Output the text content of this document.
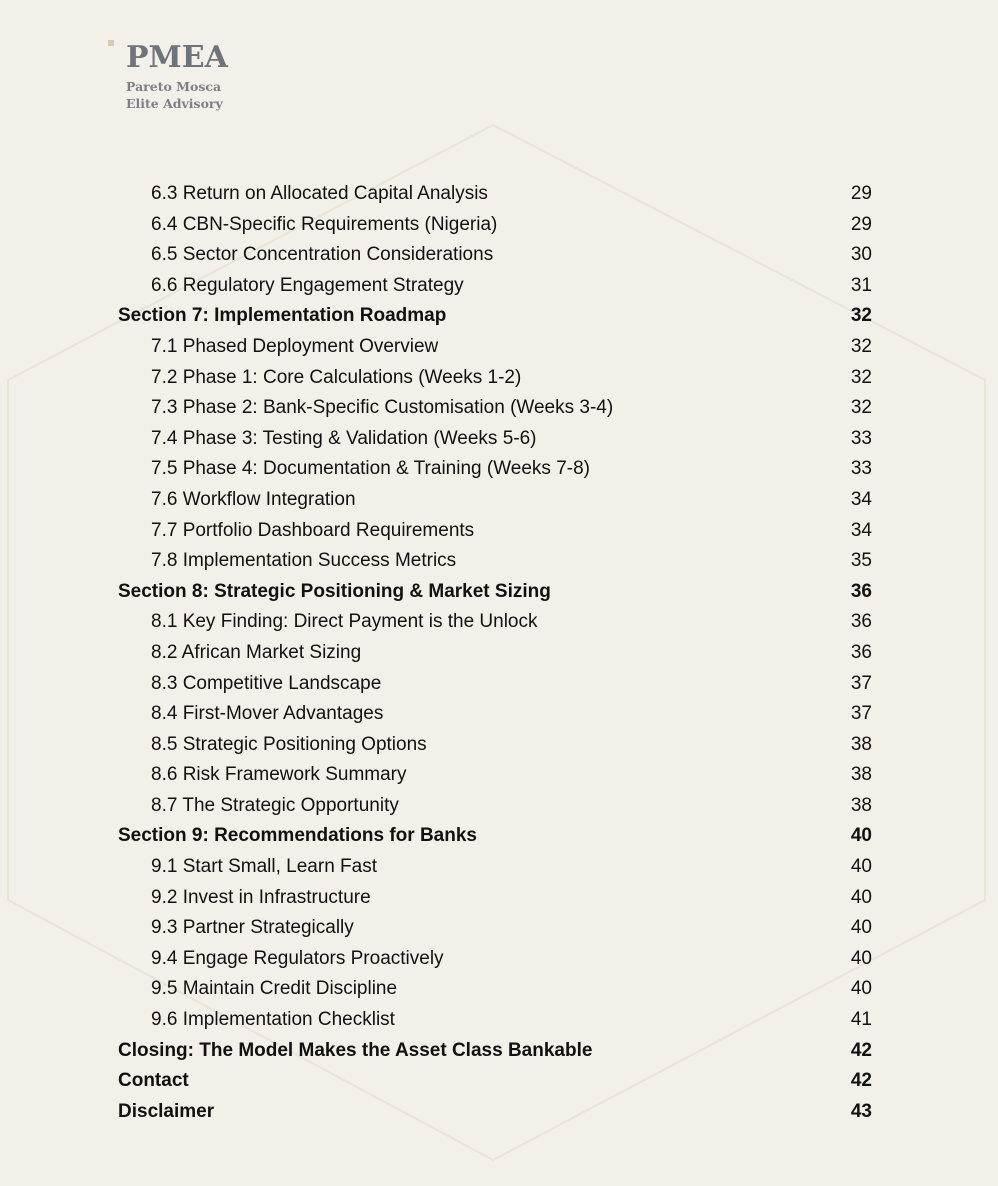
PMEA
Pareto Mosca
Elite Advisory
6.3 Return on Allocated Capital Analysis	29
6.4 CBN-Specific Requirements (Nigeria)	29
6.5 Sector Concentration Considerations	30
6.6 Regulatory Engagement Strategy	31
Section 7: Implementation Roadmap	32
7.1 Phased Deployment Overview	32
7.2 Phase 1: Core Calculations (Weeks 1-2)	32
7.3 Phase 2: Bank-Specific Customisation (Weeks 3-4)	32
7.4 Phase 3: Testing & Validation (Weeks 5-6)	33
7.5 Phase 4: Documentation & Training (Weeks 7-8)	33
7.6 Workflow Integration	34
7.7 Portfolio Dashboard Requirements	34
7.8 Implementation Success Metrics	35
Section 8: Strategic Positioning & Market Sizing	36
8.1 Key Finding: Direct Payment is the Unlock	36
8.2 African Market Sizing	36
8.3 Competitive Landscape	37
8.4 First-Mover Advantages	37
8.5 Strategic Positioning Options	38
8.6 Risk Framework Summary	38
8.7 The Strategic Opportunity	38
Section 9: Recommendations for Banks	40
9.1 Start Small, Learn Fast	40
9.2 Invest in Infrastructure	40
9.3 Partner Strategically	40
9.4 Engage Regulators Proactively	40
9.5 Maintain Credit Discipline	40
9.6 Implementation Checklist	41
Closing: The Model Makes the Asset Class Bankable	42
Contact	42
Disclaimer	43
